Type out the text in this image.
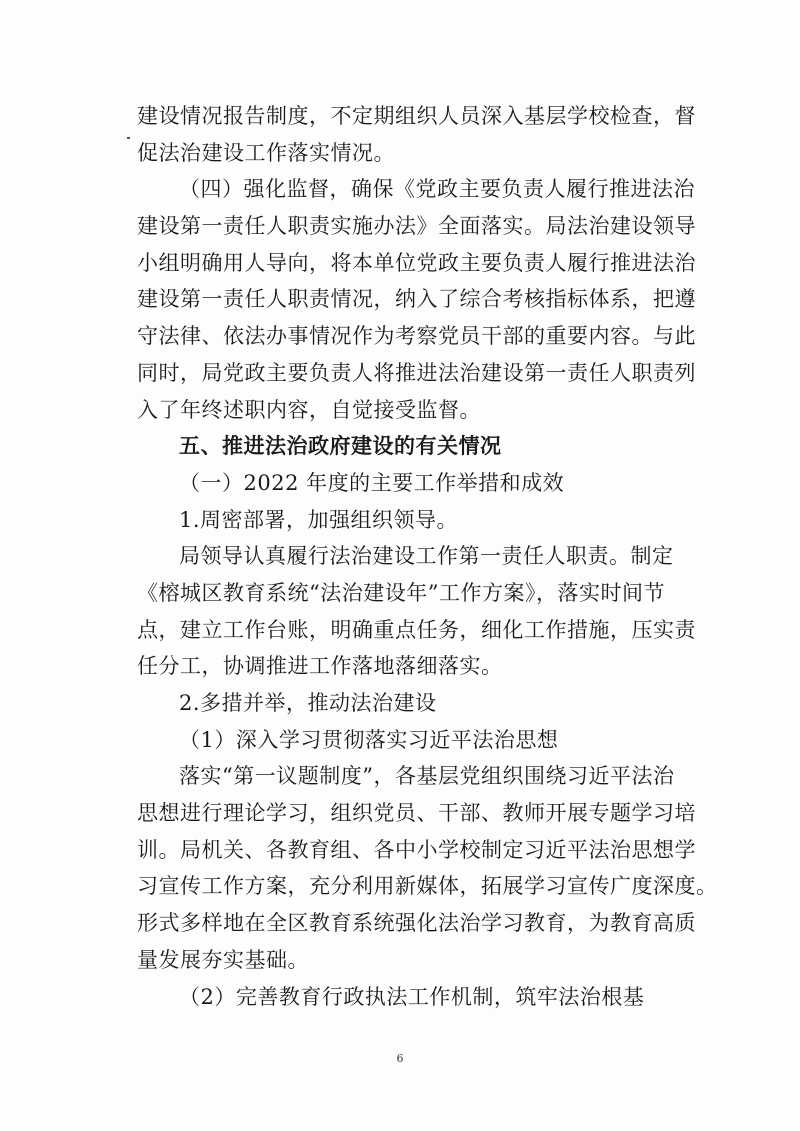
建设情况报告制度，不定期组织人员深入基层学校检查，督
促法治建设工作落实情况。
（四）强化监督，确保《党政主要负责人履行推进法治
建设第一责任人职责实施办法》全面落实。局法治建设领导
小组明确用人导向，将本单位党政主要负责人履行推进法治
建设第一责任人职责情况，纳入了综合考核指标体系，把遵
守法律、依法办事情况作为考察党员干部的重要内容。与此
同时，局党政主要负责人将推进法治建设第一责任人职责列
入了年终述职内容，自觉接受监督。
五、推进法治政府建设的有关情况
（一）2022 年度的主要工作举措和成效
1.周密部署，加强组织领导。
局领导认真履行法治建设工作第一责任人职责。制定
《榕城区教育系统“法治建设年”工作方案》，落实时间节
点，建立工作台账，明确重点任务，细化工作措施，压实责
任分工，协调推进工作落地落细落实。
2.多措并举，推动法治建设
（1）深入学习贯彻落实习近平法治思想
落实“第一议题制度”，各基层党组织围绕习近平法治
思想进行理论学习，组织党员、干部、教师开展专题学习培
训。局机关、各教育组、各中小学校制定习近平法治思想学
习宣传工作方案，充分利用新媒体，拓展学习宣传广度深度。
形式多样地在全区教育系统强化法治学习教育，为教育高质
量发展夯实基础。
（2）完善教育行政执法工作机制，筑牢法治根基
6
